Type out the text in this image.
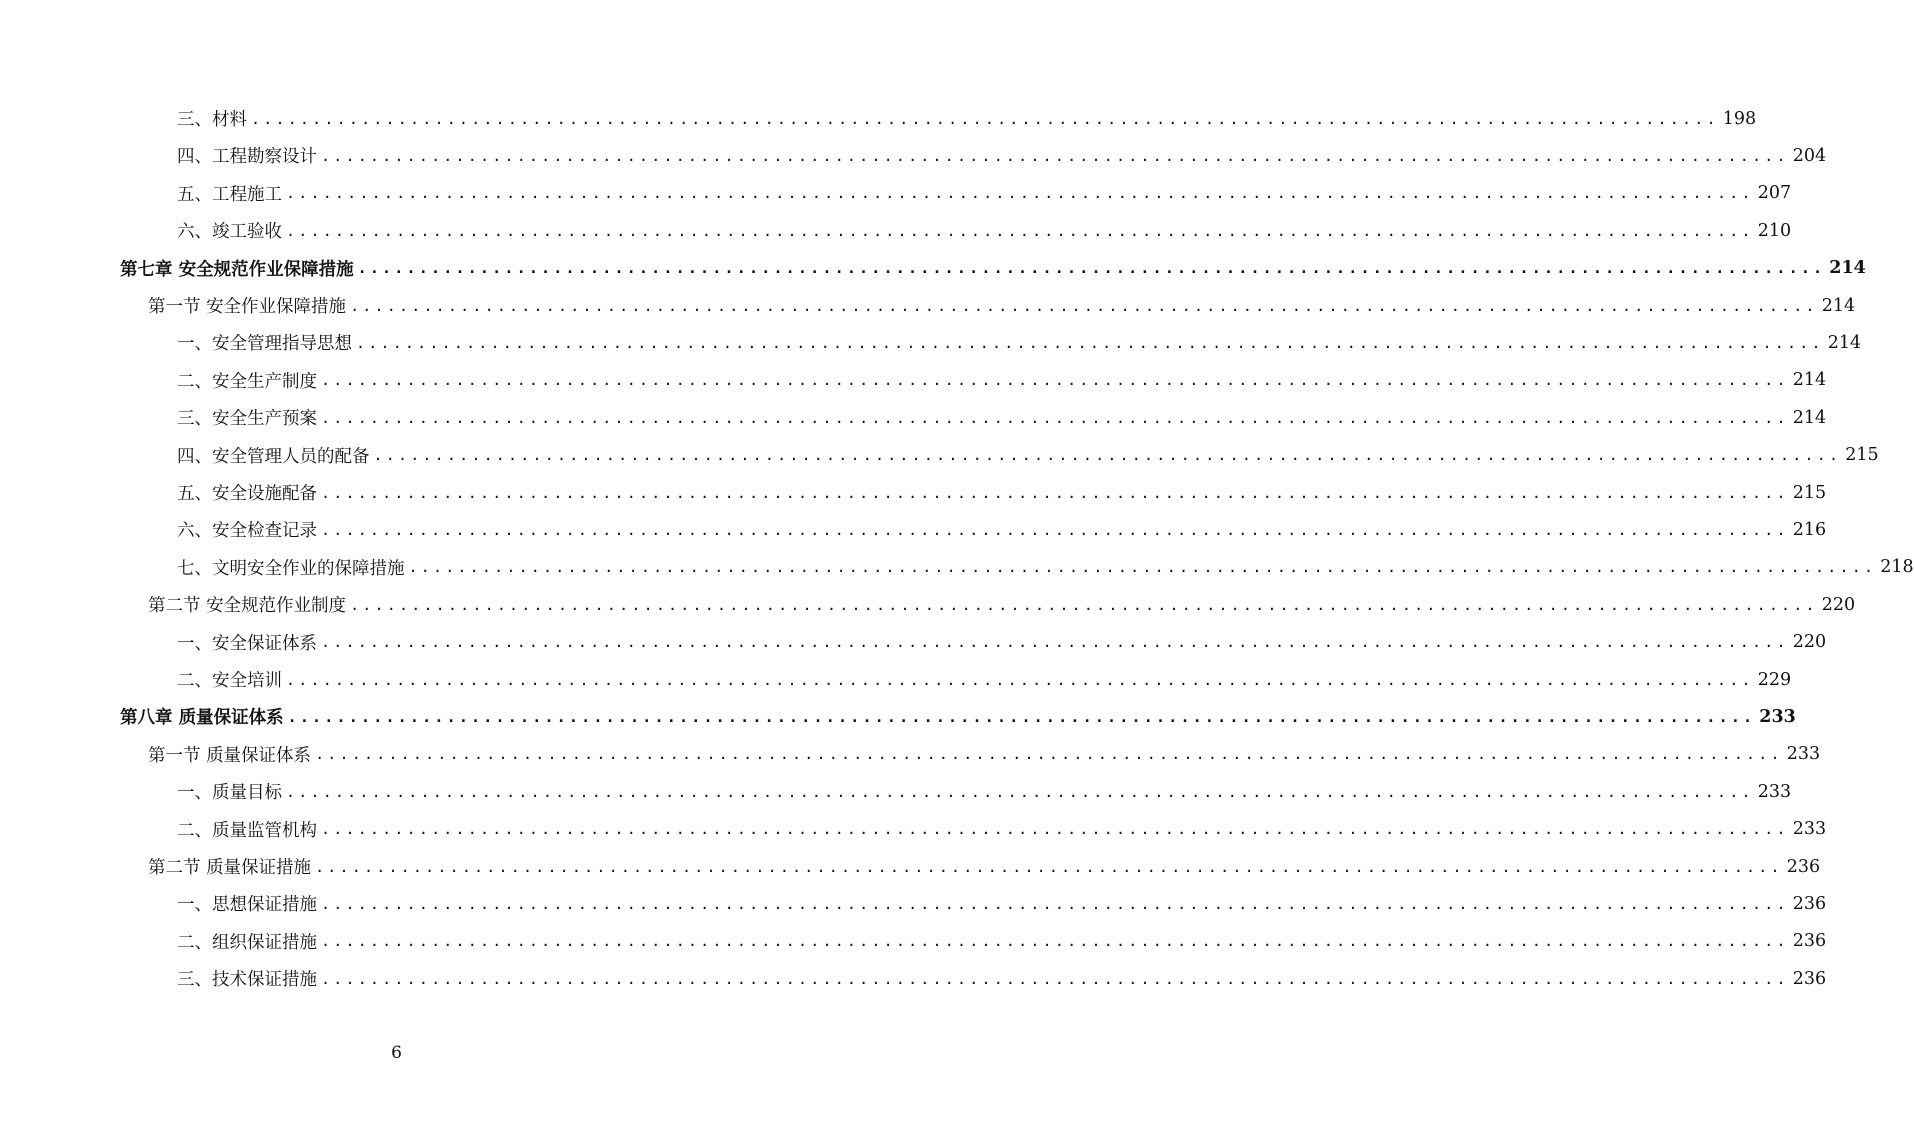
三、材料 ........................................................................................................................ 198
四、工程勘察设计 ........................................................................................................................ 204
五、工程施工 ........................................................................................................................ 207
六、竣工验收 ........................................................................................................................ 210
第七章 安全规范作业保障措施 ........................................................................................................................ 214
第一节 安全作业保障措施 ........................................................................................................................ 214
一、安全管理指导思想 ........................................................................................................................ 214
二、安全生产制度 ........................................................................................................................ 214
三、安全生产预案 ........................................................................................................................ 214
四、安全管理人员的配备 ........................................................................................................................ 215
五、安全设施配备 ........................................................................................................................ 215
六、安全检查记录 ........................................................................................................................ 216
七、文明安全作业的保障措施 ........................................................................................................................ 218
第二节 安全规范作业制度 ........................................................................................................................ 220
一、安全保证体系 ........................................................................................................................ 220
二、安全培训 ........................................................................................................................ 229
第八章 质量保证体系 ........................................................................................................................ 233
第一节 质量保证体系 ........................................................................................................................ 233
一、质量目标 ........................................................................................................................ 233
二、质量监管机构 ........................................................................................................................ 233
第二节 质量保证措施 ........................................................................................................................ 236
一、思想保证措施 ........................................................................................................................ 236
二、组织保证措施 ........................................................................................................................ 236
三、技术保证措施 ........................................................................................................................ 236
6
